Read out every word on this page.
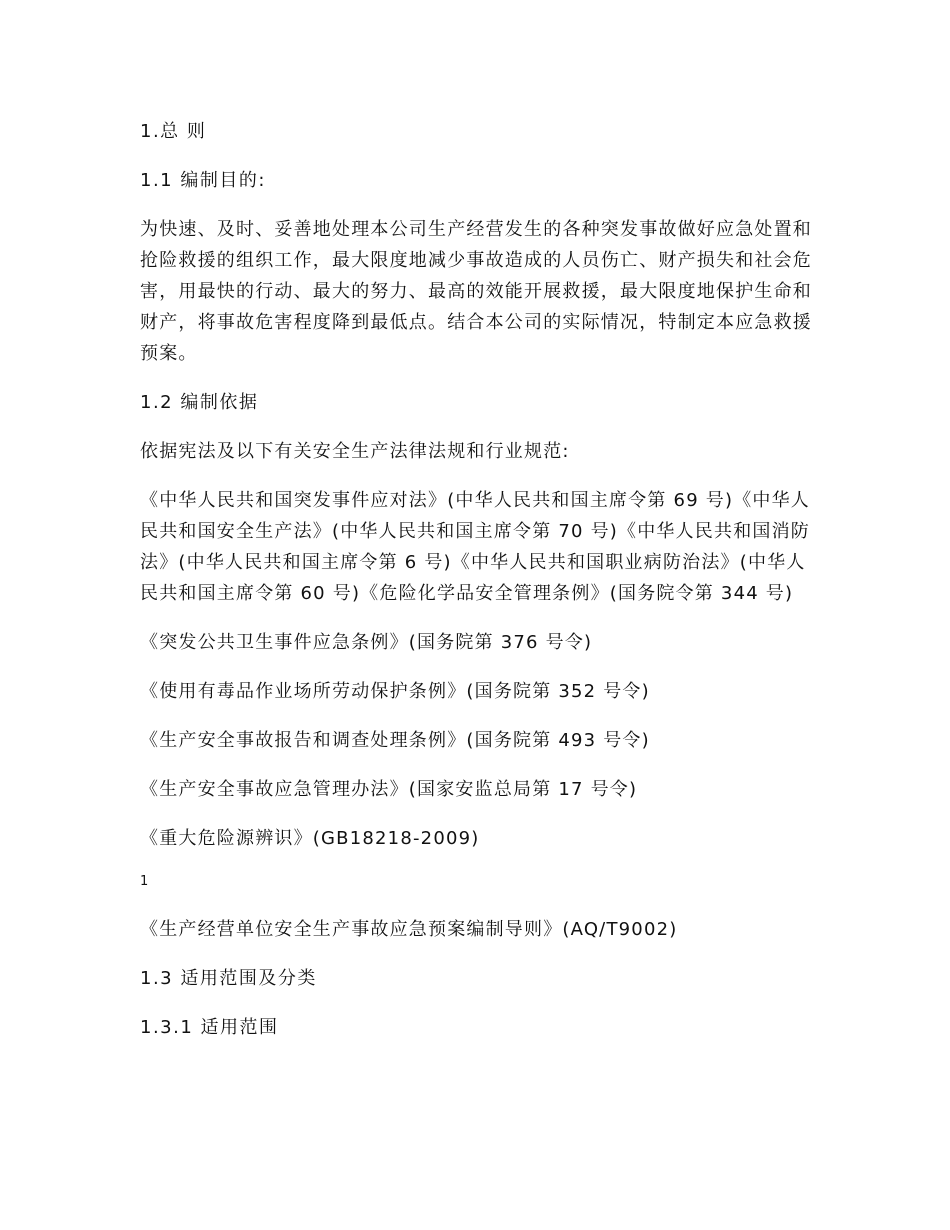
1.总 则

1.1 编制目的:

为快速、及时、妥善地处理本公司生产经营发生的各种突发事故做好应急处置和抢险救援的组织工作，最大限度地减少事故造成的人员伤亡、财产损失和社会危害，用最快的行动、最大的努力、最高的效能开展救援，最大限度地保护生命和财产，将事故危害程度降到最低点。结合本公司的实际情况，特制定本应急救援预案。

1.2 编制依据

依据宪法及以下有关安全生产法律法规和行业规范:

《中华人民共和国突发事件应对法》(中华人民共和国主席令第 69 号)《中华人民共和国安全生产法》(中华人民共和国主席令第 70 号)《中华人民共和国消防法》(中华人民共和国主席令第 6 号)《中华人民共和国职业病防治法》(中华人民共和国主席令第 60 号)《危险化学品安全管理条例》(国务院令第 344 号)

《突发公共卫生事件应急条例》(国务院第 376 号令)

《使用有毒品作业场所劳动保护条例》(国务院第 352 号令)

《生产安全事故报告和调查处理条例》(国务院第 493 号令)

《生产安全事故应急管理办法》(国家安监总局第 17 号令)

《重大危险源辨识》(GB18218-2009)

1

《生产经营单位安全生产事故应急预案编制导则》(AQ/T9002)

1.3 适用范围及分类

1.3.1 适用范围
